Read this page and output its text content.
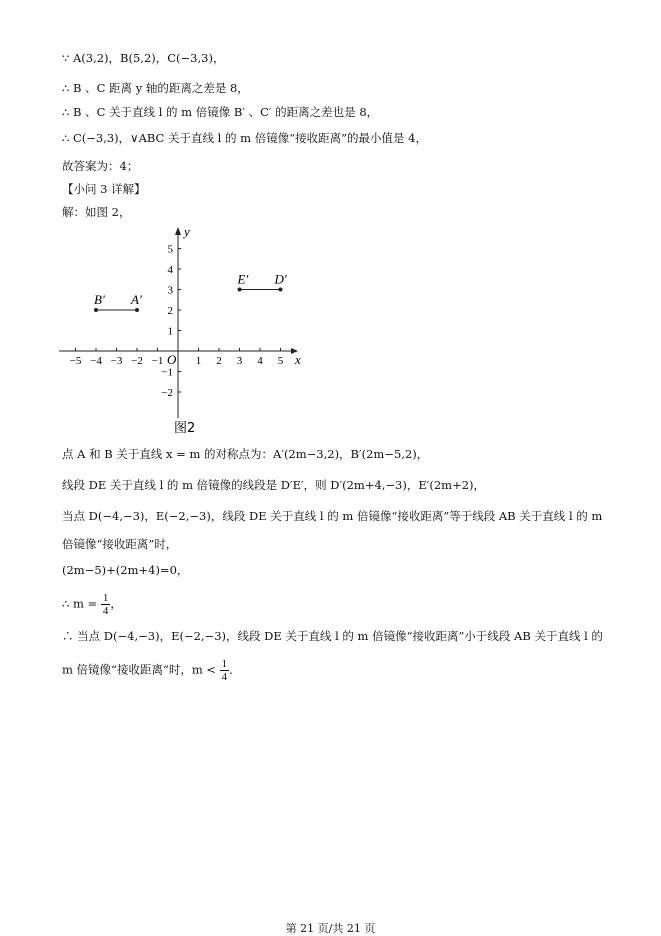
∵ A(3,2)，B(5,2)，C(−3,3)，
∴ B 、C 距离 y 轴的距离之差是 8，
∴ B 、C 关于直线 l 的 m 倍镜像 B′ 、C′ 的距离之差也是 8，
∴ C(−3,3)，∨ABC 关于直线 l 的 m 倍镜像“接收距离”的最小值是 4，
故答案为：4；
【小问 3 详解】
解：如图 2，
x
y
O
−5 −4 −3 −2 −1	1 2 3 4 5
5
4
3
2
1
−1
−2
B′ A′
E′ D′
图2
点 A 和 B 关于直线 x = m 的对称点为：A′(2m−3,2)，B′(2m−5,2)，
线段 DE 关于直线 l 的 m 倍镜像的线段是 D′E′，则 D′(2m+4,−3)，E′(2m+2)，
当点 D(−4,−3)，E(−2,−3)，线段 DE 关于直线 l 的 m 倍镜像“接收距离”等于线段 AB 关于直线 l 的 m
倍镜像“接收距离”时，
(2m−5)+(2m+4)=0，
∴ $m = \frac{1}{4}$ ，
∴ 当点 D(−4,−3)，E(−2,−3)，线段 DE 关于直线 l 的 m 倍镜像“接收距离”小于线段 AB 关于直线 l 的
m 倍镜像“接收距离”时，$m < \frac{1}{4}$ ．
第 21 页/共 21 页
